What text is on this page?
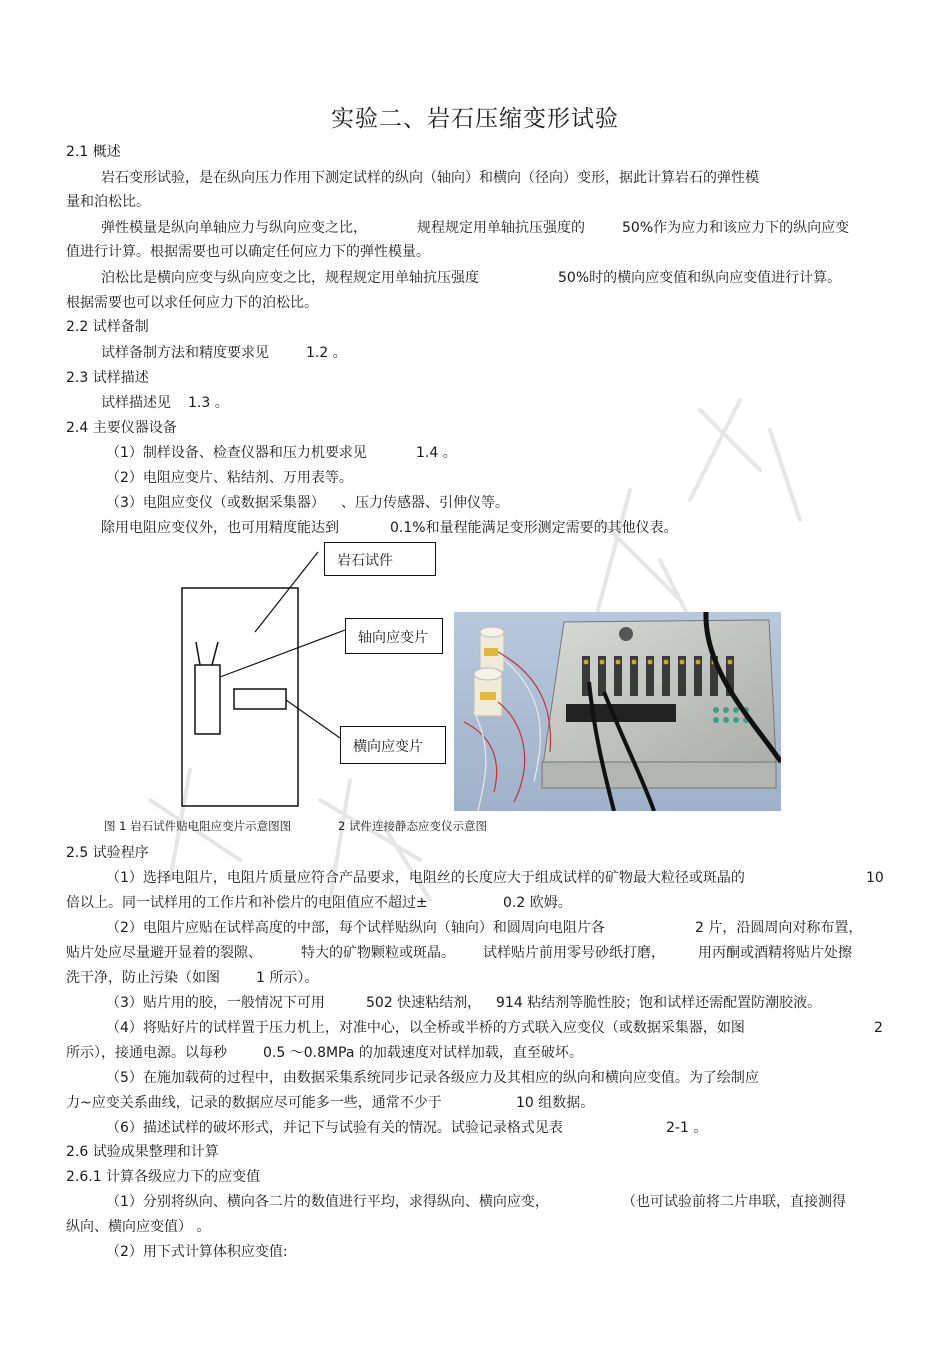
实验二、岩石压缩变形试验
2.1 概述
岩石变形试验，是在纵向压力作用下测定试样的纵向（轴向）和横向（径向）变形，据此计算岩石的弹性模
量和泊松比。
弹性模量是纵向单轴应力与纵向应变之比，	规程规定用单轴抗压强度的	50%作为应力和该应力下的纵向应变
值进行计算。根据需要也可以确定任何应力下的弹性模量。
泊松比是横向应变与纵向应变之比，规程规定用单轴抗压强度	50%时的横向应变值和纵向应变值进行计算。
根据需要也可以求任何应力下的泊松比。
2.2 试样备制
试样备制方法和精度要求见	1.2 。
2.3 试样描述
试样描述见 1.3 。
2.4 主要仪器设备
（1）制样设备、检查仪器和压力机要求见	1.4 。
（2）电阻应变片、粘结剂、万用表等。
（3）电阻应变仪（或数据采集器） 、压力传感器、引伸仪等。
除用电阻应变仪外，也可用精度能达到	0.1%和量程能满足变形测定需要的其他仪表。
岩石试件
轴向应变片
横向应变片
图 1 岩石试件贴电阻应变片示意图图	2 试件连接静态应变仪示意图
2.5 试验程序
（1）选择电阻片，电阻片质量应符合产品要求，电阻丝的长度应大于组成试样的矿物最大粒径或斑晶的	10
倍以上。同一试样用的工作片和补偿片的电阻值应不超过±	0.2 欧姆。
（2）电阻片应贴在试样高度的中部，每个试样贴纵向（轴向）和圆周向电阻片各	2 片，沿圆周向对称布置，
贴片处应尽量避开显着的裂隙、	特大的矿物颗粒或斑晶。 试样贴片前用零号砂纸打磨， 用丙酮或酒精将贴片处擦
洗干净，防止污染（如图	1 所示）。
（3）贴片用的胶，一般情况下可用	502 快速粘结剂， 914 粘结剂等脆性胶；饱和试样还需配置防潮胶液。
（4）将贴好片的试样置于压力机上，对准中心，以全桥或半桥的方式联入应变仪（或数据采集器，如图	2
所示），接通电源。以每秒	0.5 ～0.8MPa 的加载速度对试样加载，直至破坏。
（5）在施加载荷的过程中，由数据采集系统同步记录各级应力及其相应的纵向和横向应变值。为了绘制应
力~应变关系曲线，记录的数据应尽可能多一些，通常不少于	10 组数据。
（6）描述试样的破坏形式，并记下与试验有关的情况。试验记录格式见表	2-1 。
2.6 试验成果整理和计算
2.6.1 计算各级应力下的应变值
（1）分别将纵向、横向各二片的数值进行平均，求得纵向、横向应变，	（也可试验前将二片串联，直接测得
纵向、横向应变值） 。
（2）用下式计算体积应变值:
